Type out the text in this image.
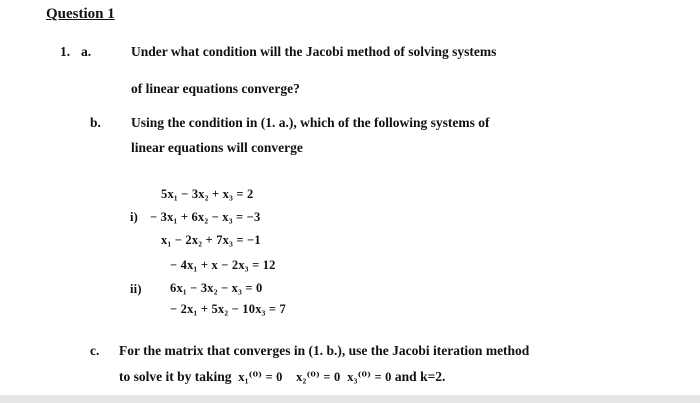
Question 1
1. a.	Under what condition will the Jacobi method of solving systems
of linear equations converge?
b. Using the condition in (1. a.), which of the following systems of
linear equations will converge
i)
5x₁ − 3x₂ + x₃ = 2
− 3x₁ + 6x₂ − x₃ = −3
x₁ − 2x₂ + 7x₃ = −1
ii)
− 4x₁ + x − 2x₃ = 12
6x₁ − 3x₂ − x₃ = 0
− 2x₁ + 5x₂ − 10x₃ = 7
c. For the matrix that converges in (1. b.), use the Jacobi iteration method
to solve it by taking x₁⁽⁰⁾ = 0 x₂⁽⁰⁾ = 0 x₃⁽⁰⁾ = 0 and k=2.
